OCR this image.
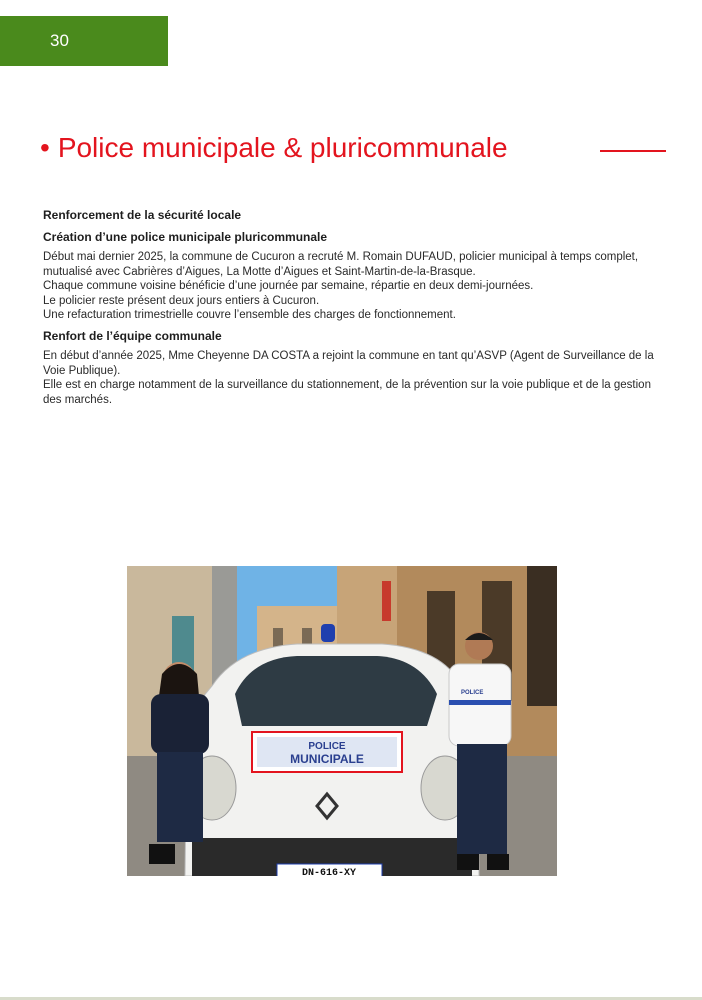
30
• Police municipale & pluricommunale

Renforcement de la sécurité locale

Création d’une police municipale pluricommunale

Début mai dernier 2025, la commune de Cucuron a recruté M. Romain DUFAUD, policier municipal à temps complet, mutualisé avec Cabrières d’Aigues, La Motte d’Aigues et Saint-Martin-de-la-Brasque.

Chaque commune voisine bénéficie d’une journée par semaine, répartie en deux demi-journées.

Le policier reste présent deux jours entiers à Cucuron.

Une refacturation trimestrielle couvre l’ensemble des charges de fonctionnement.

Renfort de l’équipe communale

En début d’année 2025, Mme Cheyenne DA COSTA a rejoint la commune en tant qu’ASVP (Agent de Surveillance de la Voie Publique).

Elle est en charge notamment de la surveillance du stationnement, de la prévention sur la voie publique et de la gestion des marchés.

POLICE
MUNICIPALE
DN-616-XY
POLICE
